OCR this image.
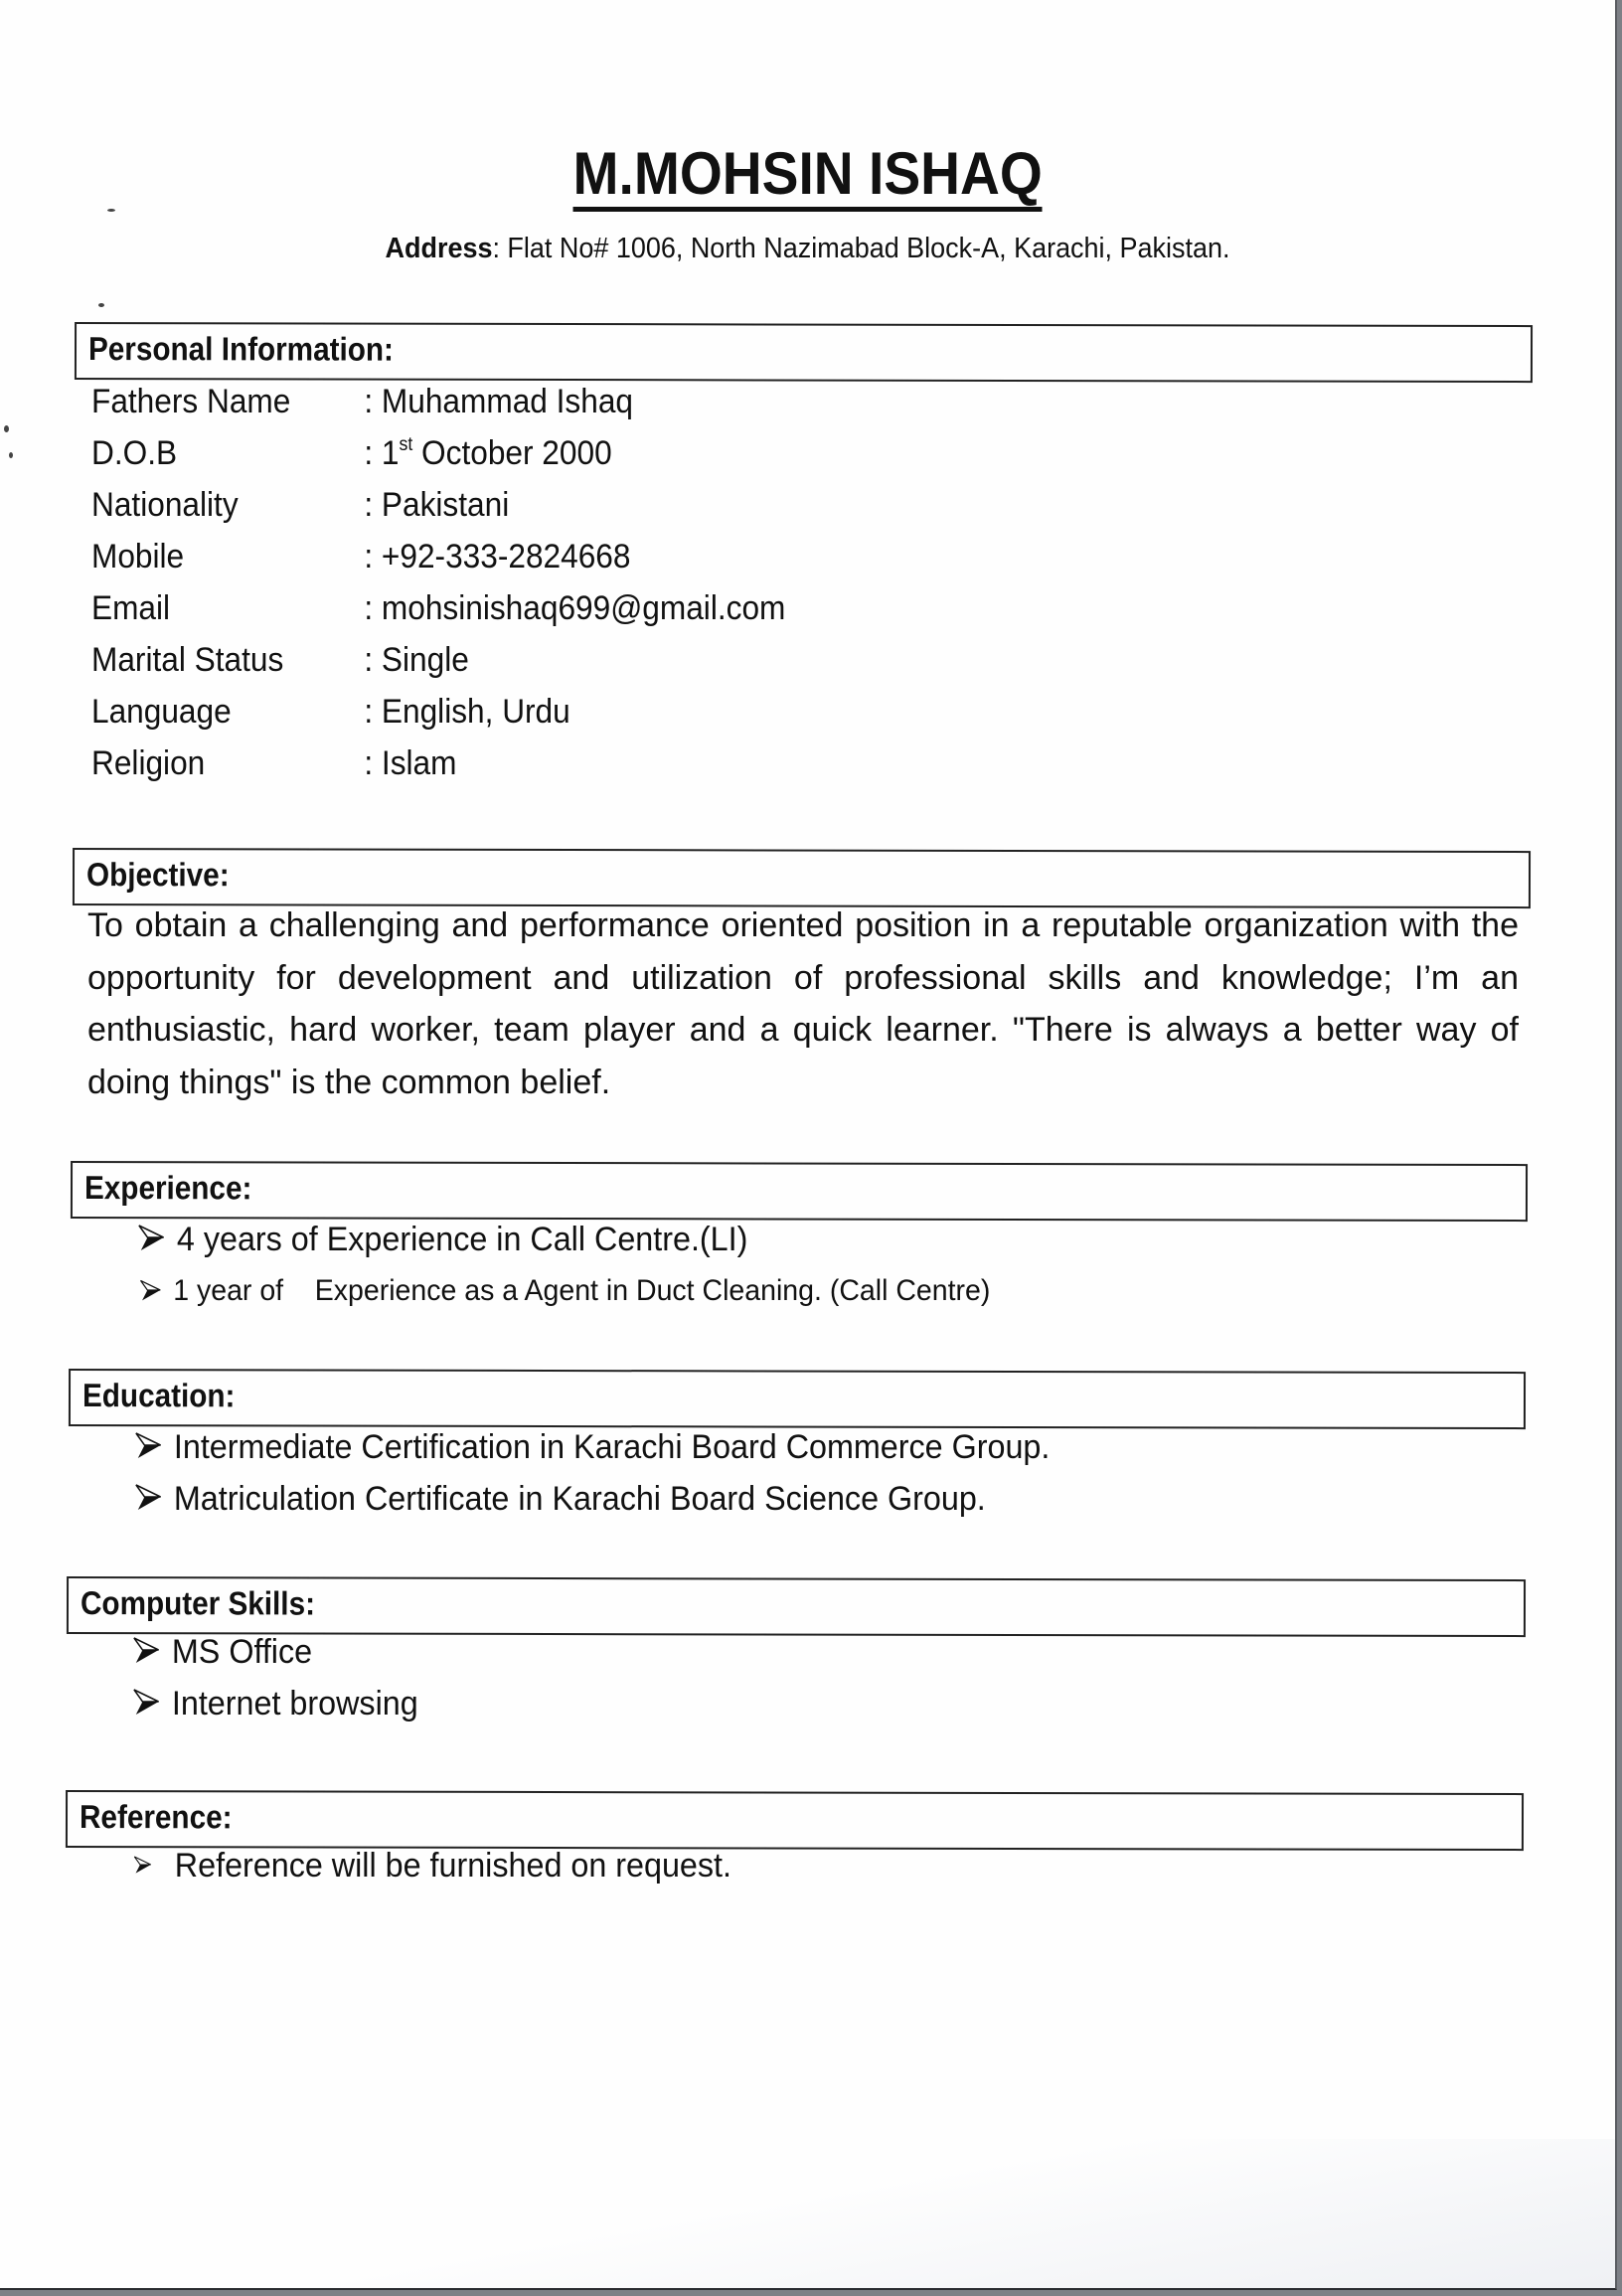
M.MOHSIN ISHAQ
Address: Flat No# 1006, North Nazimabad Block-A, Karachi, Pakistan.
Personal Information:
Fathers Name : Muhammad Ishaq
D.O.B	: 1st October 2000
Nationality	: Pakistani
Mobile	: +92-333-2824668
Email	: mohsinishaq699@gmail.com
Marital Status : Single
Language	: English, Urdu
Religion	: Islam
Objective:

To obtain a challenging and performance oriented position in a reputable organization with the opportunity for development and utilization of professional skills and knowledge; I’m an enthusiastic, hard worker, team player and a quick learner. "There is always a better way of doing things" is the common belief.

Experience:
4 years of Experience in Call Centre.(LI)
1 year of    Experience as a Agent in Duct Cleaning. (Call Centre)
Education:
Intermediate Certification in Karachi Board Commerce Group.
Matriculation Certificate in Karachi Board Science Group.
Computer Skills:
MS Office
Internet browsing
Reference:
Reference will be furnished on request.
